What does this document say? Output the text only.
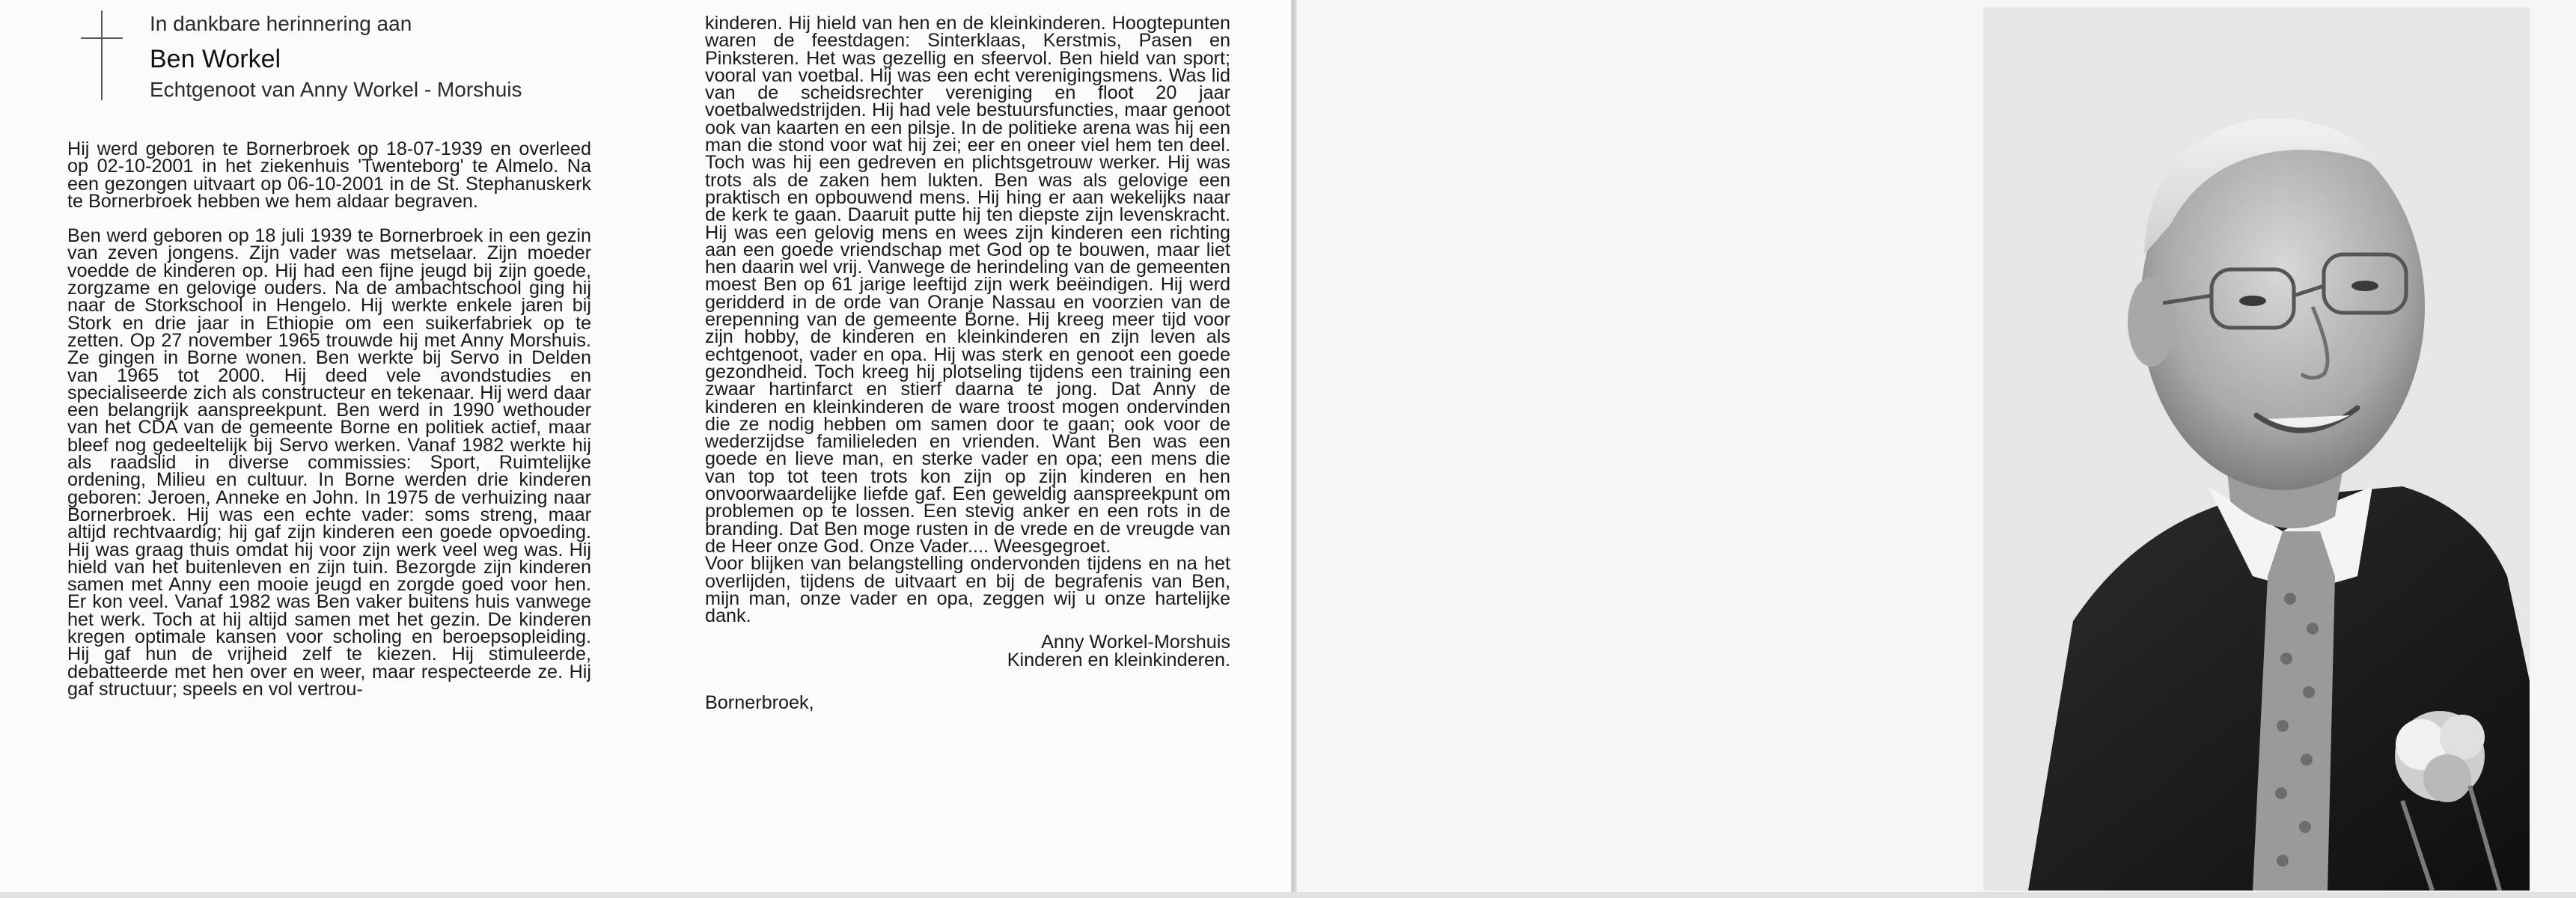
In dankbare herinnering aan
Ben Workel
Echtgenoot van Anny Workel - Morshuis

Hij werd geboren te Bornerbroek op 18-07-1939 en overleed op 02-10-2001 in het ziekenhuis 'Twenteborg' te Almelo. Na een gezongen uitvaart op 06-10-2001 in de St. Stephanuskerk te Bornerbroek hebben we hem aldaar begraven.

Ben werd geboren op 18 juli 1939 te Bornerbroek in een gezin van zeven jongens. Zijn vader was metselaar. Zijn moeder voedde de kinderen op. Hij had een fijne jeugd bij zijn goede, zorgzame en gelovige ouders. Na de ambachtschool ging hij naar de Storkschool in Hengelo. Hij werkte enkele jaren bij Stork en drie jaar in Ethiopie om een suikerfabriek op te zetten. Op 27 november 1965 trouwde hij met Anny Morshuis. Ze gingen in Borne wonen. Ben werkte bij Servo in Delden van 1965 tot 2000. Hij deed vele avondstudies en specialiseerde zich als constructeur en tekenaar. Hij werd daar een belangrijk aanspreekpunt. Ben werd in 1990 wethouder van het CDA van de gemeente Borne en politiek actief, maar bleef nog gedeeltelijk bij Servo werken. Vanaf 1982 werkte hij als raadslid in diverse commissies: Sport, Ruimtelijke ordening, Milieu en cultuur. In Borne werden drie kinderen geboren: Jeroen, Anneke en John. In 1975 de verhuizing naar Bornerbroek. Hij was een echte vader: soms streng, maar altijd rechtvaardig; hij gaf zijn kinderen een goede opvoeding. Hij was graag thuis omdat hij voor zijn werk veel weg was. Hij hield van het buitenleven en zijn tuin. Bezorgde zijn kinderen samen met Anny een mooie jeugd en zorgde goed voor hen. Er kon veel. Vanaf 1982 was Ben vaker buitens huis vanwege het werk. Toch at hij altijd samen met het gezin. De kinderen kregen optimale kansen voor scholing en beroepsopleiding. Hij gaf hun de vrijheid zelf te kiezen. Hij stimuleerde, debatteerde met hen over en weer, maar respecteerde ze. Hij gaf structuur; speels en vol vertrou-

kinderen. Hij hield van hen en de kleinkinderen. Hoogtepunten waren de feestdagen: Sinterklaas, Kerstmis, Pasen en Pinksteren. Het was gezellig en sfeervol. Ben hield van sport; vooral van voetbal. Hij was een echt verenigingsmens. Was lid van de scheidsrechter vereniging en floot 20 jaar voetbalwedstrijden. Hij had vele bestuursfuncties, maar genoot ook van kaarten en een pilsje. In de politieke arena was hij een man die stond voor wat hij zei; eer en oneer viel hem ten deel. Toch was hij een gedreven en plichtsgetrouw werker. Hij was trots als de zaken hem lukten. Ben was als gelovige een praktisch en opbouwend mens. Hij hing er aan wekelijks naar de kerk te gaan. Daaruit putte hij ten diepste zijn levenskracht. Hij was een gelovig mens en wees zijn kinderen een richting aan een goede vriendschap met God op te bouwen, maar liet hen daarin wel vrij. Vanwege de herindeling van de gemeenten moest Ben op 61 jarige leeftijd zijn werk beëindigen. Hij werd geridderd in de orde van Oranje Nassau en voorzien van de erepenning van de gemeente Borne. Hij kreeg meer tijd voor zijn hobby, de kinderen en kleinkinderen en zijn leven als echtgenoot, vader en opa. Hij was sterk en genoot een goede gezondheid. Toch kreeg hij plotseling tijdens een training een zwaar hartinfarct en stierf daarna te jong. Dat Anny de kinderen en kleinkinderen de ware troost mogen ondervinden die ze nodig hebben om samen door te gaan; ook voor de wederzijdse familieleden en vrienden. Want Ben was een goede en lieve man, en sterke vader en opa; een mens die van top tot teen trots kon zijn op zijn kinderen en hen onvoorwaardelijke liefde gaf. Een geweldig aanspreekpunt om problemen op te lossen. Een stevig anker en een rots in de branding. Dat Ben moge rusten in de vrede en de vreugde van de Heer onze God. Onze Vader.... Weesgegroet.

Voor blijken van belangstelling ondervonden tijdens en na het overlijden, tijdens de uitvaart en bij de begrafenis van Ben, mijn man, onze vader en opa, zeggen wij u onze hartelijke dank.

Anny Workel-Morshuis

Kinderen en kleinkinderen.

Bornerbroek,
